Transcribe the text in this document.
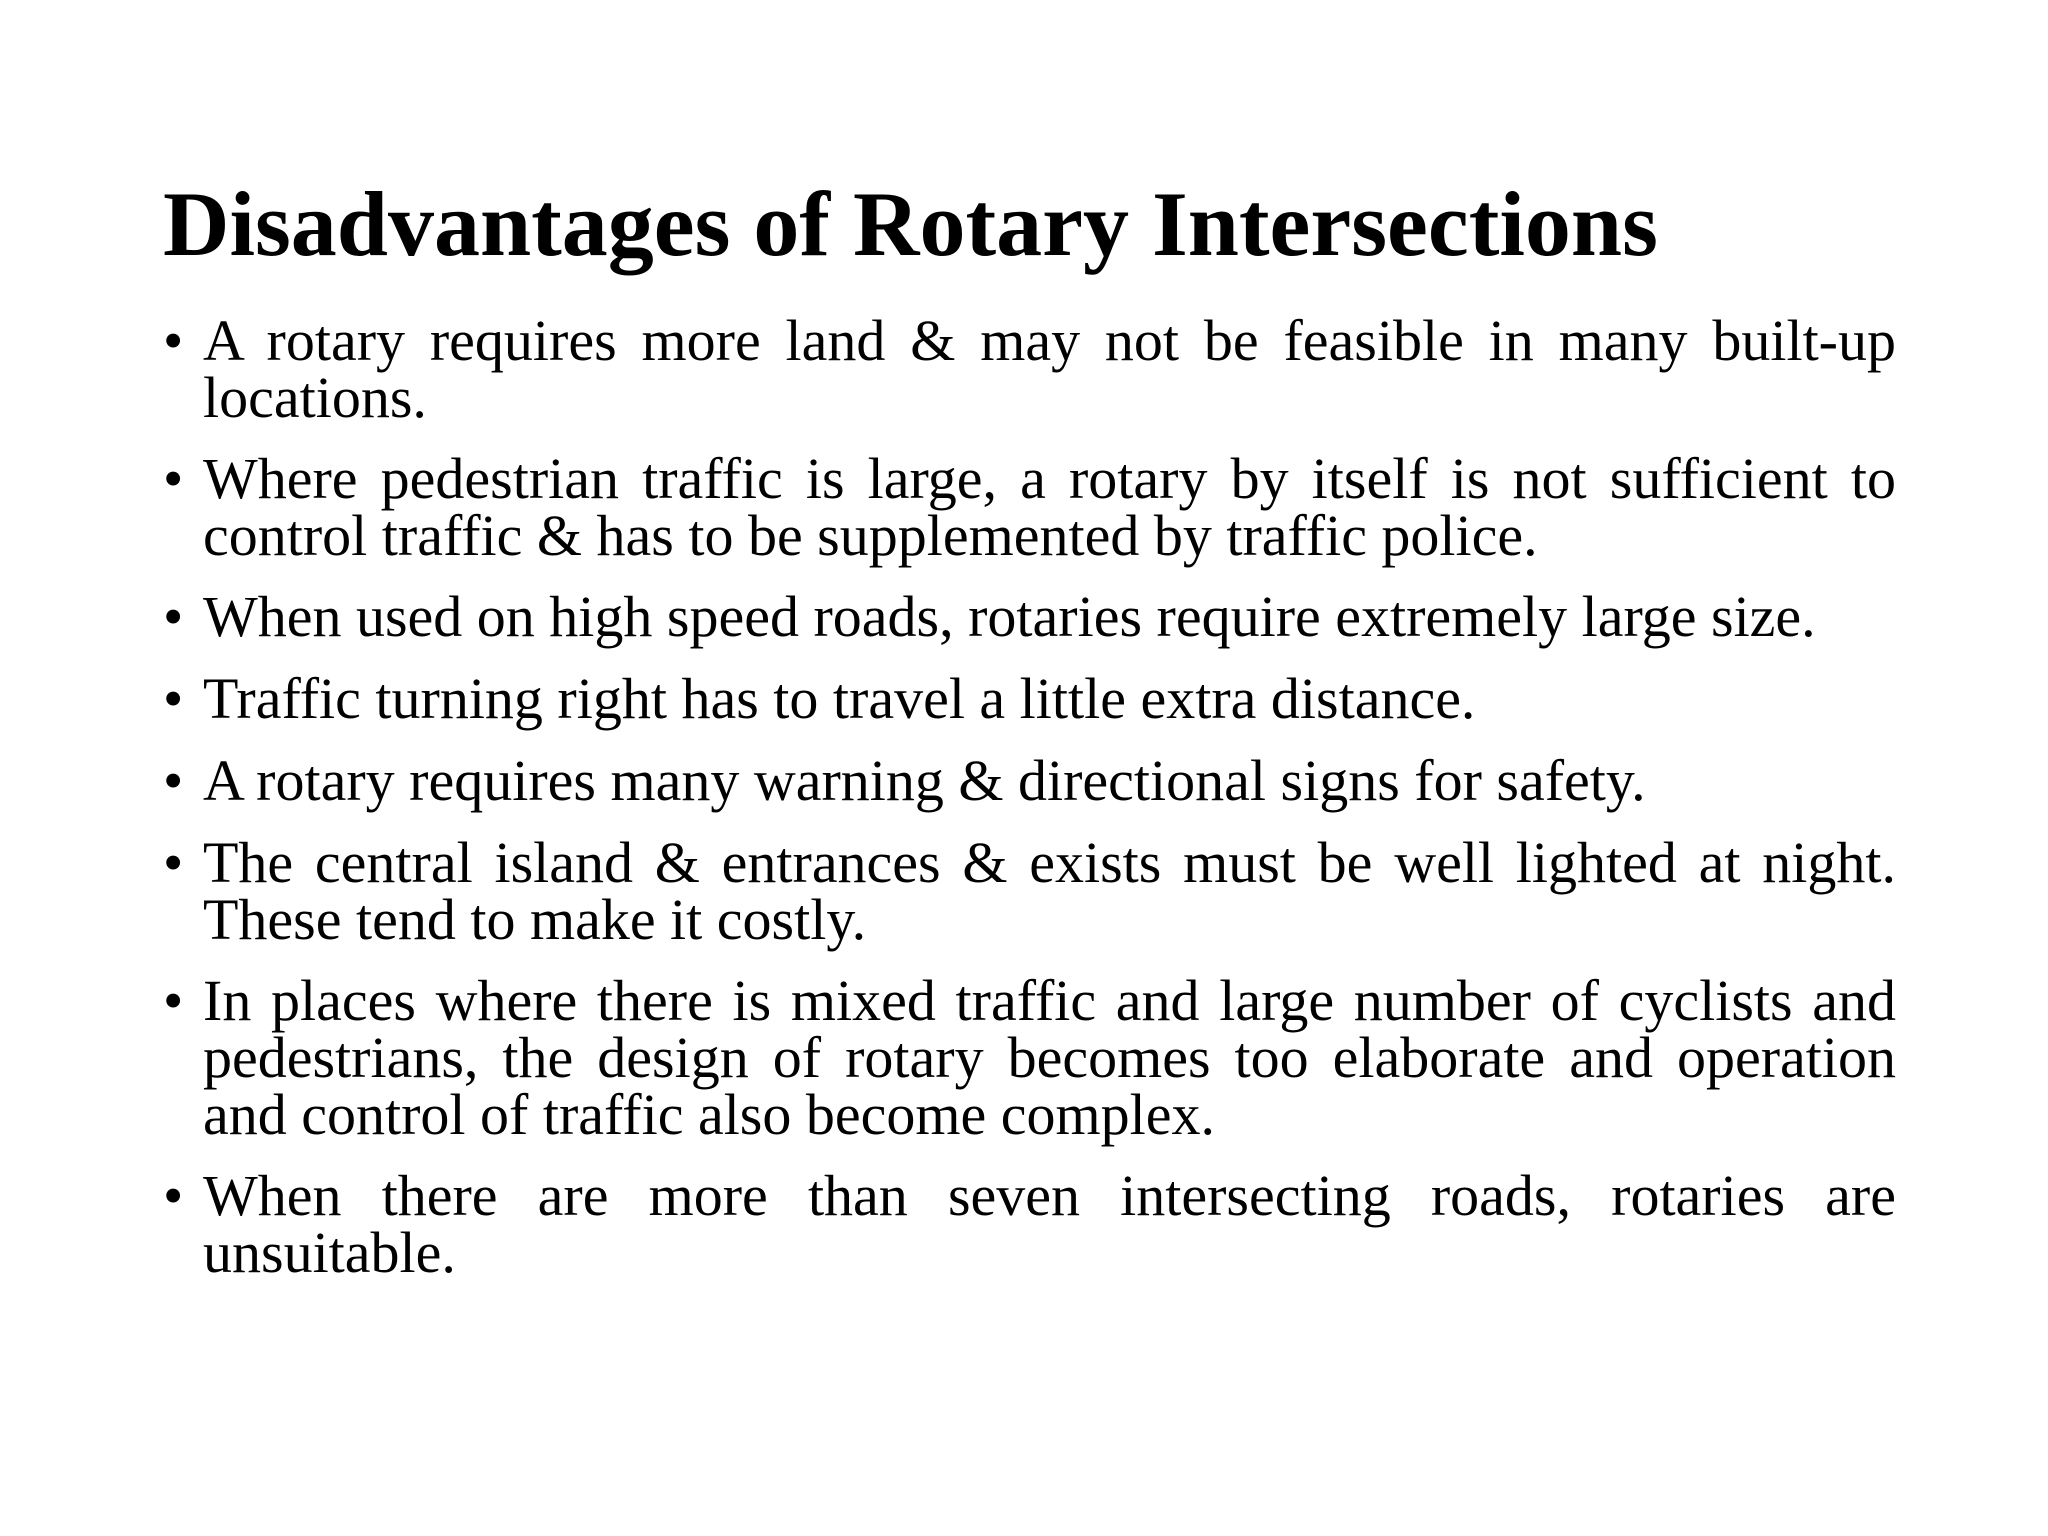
Disadvantages of Rotary Intersections
• A rotary requires more land & may not be feasible in many built-up locations.
• Where pedestrian traffic is large, a rotary by itself is not sufficient to control traffic & has to be supplemented by traffic police.
• When used on high speed roads, rotaries require extremely large size.
• Traffic turning right has to travel a little extra distance.
• A rotary requires many warning & directional signs for safety.
• The central island & entrances & exists must be well lighted at night. These tend to make it costly.
• In places where there is mixed traffic and large number of cyclists and pedestrians, the design of rotary becomes too elaborate and operation and control of traffic also become complex.
• When there are more than seven intersecting roads, rotaries are unsuitable.
